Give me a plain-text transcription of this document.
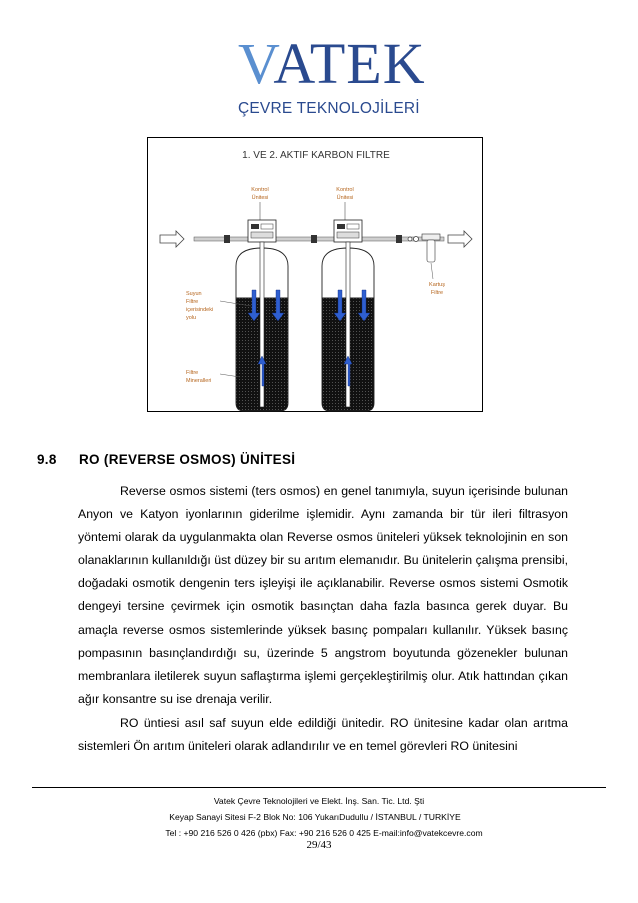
VATEK
ÇEVRE TEKNOLOJİLERİ
1. VE 2. AKTIF KARBON FILTRE
Kontrol
Ünitesi
Kontrol
Ünitesi
Kartuş
Filtre
Suyun
Filtre
içerisindeki
yolu
Filtre
Mineralleri
9.8 RO (REVERSE OSMOS) ÜNİTESİ

Reverse osmos sistemi (ters osmos) en genel tanımıyla, suyun içerisinde bulunan Anyon ve Katyon iyonlarının giderilme işlemidir. Aynı zamanda bir tür ileri filtrasyon yöntemi olarak da uygulanmakta olan Reverse osmos üniteleri yüksek teknolojinin en son olanaklarının kullanıldığı üst düzey bir su arıtım elemanıdır. Bu ünitelerin çalışma prensibi, doğadaki osmotik dengenin ters işleyişi ile açıklanabilir. Reverse osmos sistemi Osmotik dengeyi tersine çevirmek için osmotik basınçtan daha fazla basınca gerek duyar. Bu amaçla reverse osmos sistemlerinde yüksek basınç pompaları kullanılır. Yüksek basınç pompasının basınçlandırdığı su, üzerinde 5 angstrom boyutunda gözenekler bulunan membranlara iletilerek suyun saflaştırma işlemi gerçekleştirilmiş olur. Atık hattından çıkan ağır konsantre su ise drenaja verilir.

RO üntiesi asıl saf suyun elde edildiği ünitedir. RO ünitesine kadar olan arıtma sistemleri Ön arıtım üniteleri olarak adlandırılır ve en temel görevleri RO ünitesini

Vatek Çevre Teknolojileri ve Elekt. İnş. San. Tic. Ltd. Şti
Keyap Sanayi Sitesi F-2 Blok No: 106 YukarıDudullu / İSTANBUL / TURKİYE
Tel : +90 216 526 0 426 (pbx) Fax: +90 216 526 0 425 E-mail:info@vatekcevre.com
29/43
